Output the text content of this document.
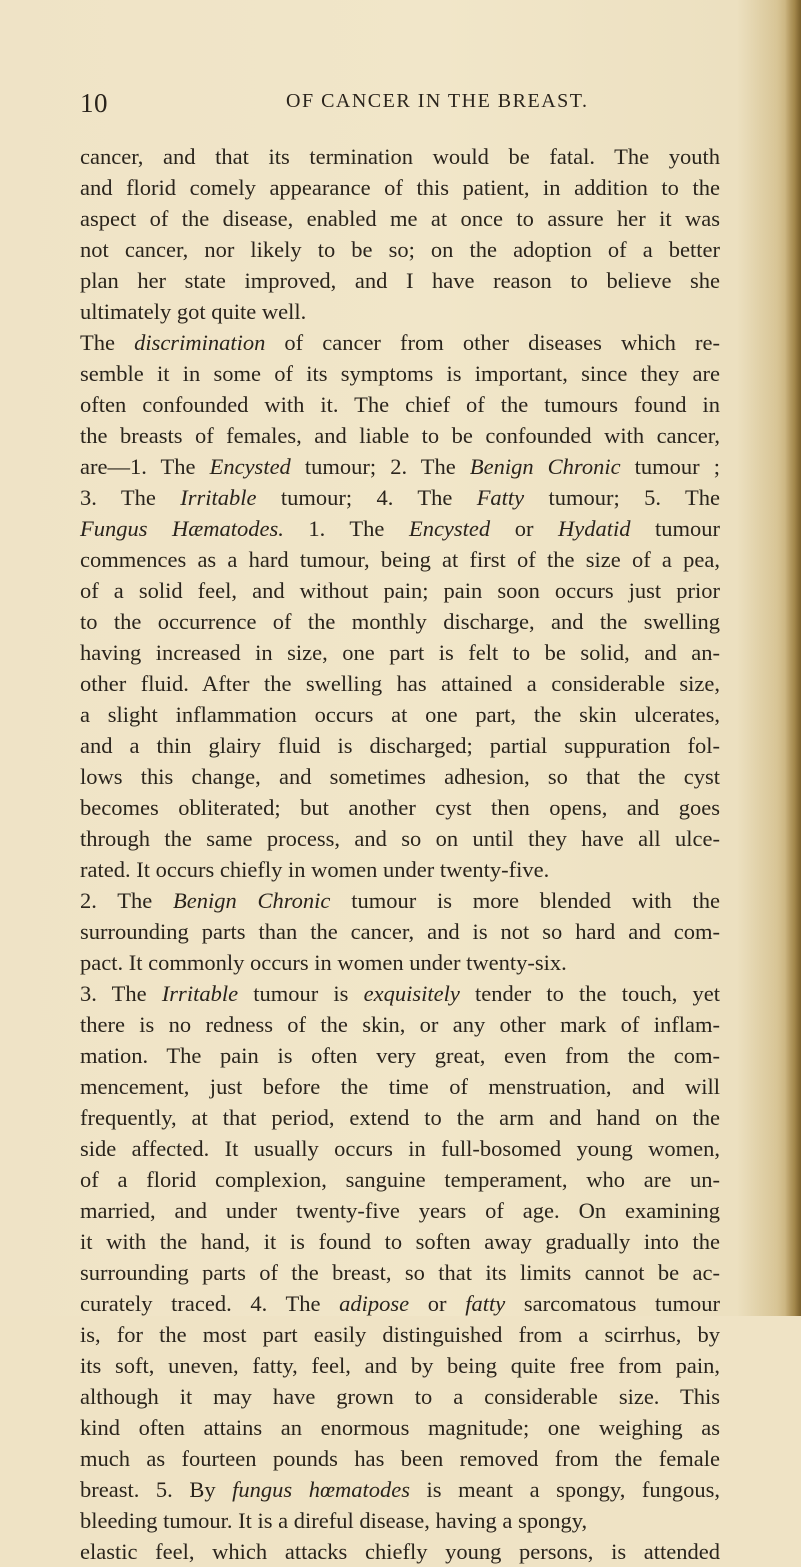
10	OF CANCER IN THE BREAST.
cancer, and that its termination would be fatal. The youth
and florid comely appearance of this patient, in addition to the
aspect of the disease, enabled me at once to assure her it was
not cancer, nor likely to be so; on the adoption of a better
plan her state improved, and I have reason to believe she
ultimately got quite well.
The discrimination of cancer from other diseases which re-
semble it in some of its symptoms is important, since they are
often confounded with it. The chief of the tumours found in
the breasts of females, and liable to be confounded with cancer,
are—1. The Encysted tumour; 2. The Benign Chronic tumour ;
3. The Irritable tumour; 4. The Fatty tumour; 5. The
Fungus Hæmatodes. 1. The Encysted or Hydatid tumour
commences as a hard tumour, being at first of the size of a pea,
of a solid feel, and without pain; pain soon occurs just prior
to the occurrence of the monthly discharge, and the swelling
having increased in size, one part is felt to be solid, and an-
other fluid. After the swelling has attained a considerable size,
a slight inflammation occurs at one part, the skin ulcerates,
and a thin glairy fluid is discharged; partial suppuration fol-
lows this change, and sometimes adhesion, so that the cyst
becomes obliterated; but another cyst then opens, and goes
through the same process, and so on until they have all ulce-
rated. It occurs chiefly in women under twenty-five.
2. The Benign Chronic tumour is more blended with the
surrounding parts than the cancer, and is not so hard and com-
pact. It commonly occurs in women under twenty-six.
3. The Irritable tumour is exquisitely tender to the touch, yet
there is no redness of the skin, or any other mark of inflam-
mation. The pain is often very great, even from the com-
mencement, just before the time of menstruation, and will
frequently, at that period, extend to the arm and hand on the
side affected. It usually occurs in full-bosomed young women,
of a florid complexion, sanguine temperament, who are un-
married, and under twenty-five years of age. On examining
it with the hand, it is found to soften away gradually into the
surrounding parts of the breast, so that its limits cannot be ac-
curately traced. 4. The adipose or fatty sarcomatous tumour
is, for the most part easily distinguished from a scirrhus, by
its soft, uneven, fatty, feel, and by being quite free from pain,
although it may have grown to a considerable size. This
kind often attains an enormous magnitude; one weighing as
much as fourteen pounds has been removed from the female
breast. 5. By fungus hœmatodes is meant a spongy, fungous,
bleeding tumour. It is a direful disease, having a spongy,
elastic feel, which attacks chiefly young persons, is attended
